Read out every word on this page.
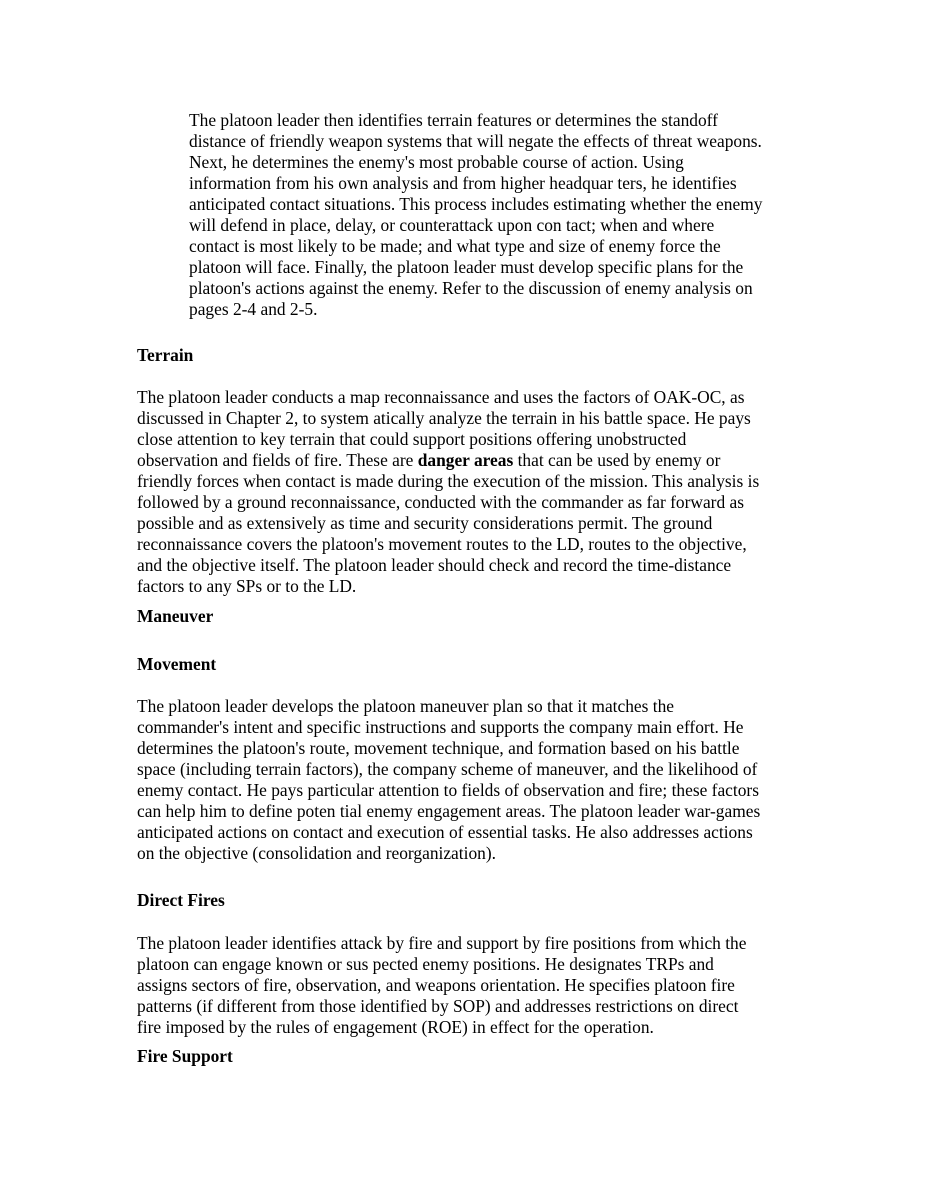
The platoon leader then identifies terrain features or determines the standoff
distance of friendly weapon systems that will negate the effects of threat weapons.
Next, he determines the enemy's most probable course of action. Using
information from his own analysis and from higher headquar ters, he identifies
anticipated contact situations. This process includes estimating whether the enemy
will defend in place, delay, or counterattack upon con tact; when and where
contact is most likely to be made; and what type and size of enemy force the
platoon will face. Finally, the platoon leader must develop specific plans for the
platoon's actions against the enemy. Refer to the discussion of enemy analysis on
pages 2-4 and 2-5.
Terrain
The platoon leader conducts a map reconnaissance and uses the factors of OAK-OC, as
discussed in Chapter 2, to system atically analyze the terrain in his battle space. He pays
close attention to key terrain that could support positions offering unobstructed
observation and fields of fire. These are danger areas that can be used by enemy or
friendly forces when contact is made during the execution of the mission. This analysis is
followed by a ground reconnaissance, conducted with the commander as far forward as
possible and as extensively as time and security considerations permit. The ground
reconnaissance covers the platoon's movement routes to the LD, routes to the objective,
and the objective itself. The platoon leader should check and record the time-distance
factors to any SPs or to the LD.
Maneuver
Movement
The platoon leader develops the platoon maneuver plan so that it matches the
commander's intent and specific instructions and supports the company main effort. He
determines the platoon's route, movement technique, and formation based on his battle
space (including terrain factors), the company scheme of maneuver, and the likelihood of
enemy contact. He pays particular attention to fields of observation and fire; these factors
can help him to define poten tial enemy engagement areas. The platoon leader war-games
anticipated actions on contact and execution of essential tasks. He also addresses actions
on the objective (consolidation and reorganization).
Direct Fires
The platoon leader identifies attack by fire and support by fire positions from which the
platoon can engage known or sus pected enemy positions. He designates TRPs and
assigns sectors of fire, observation, and weapons orientation. He specifies platoon fire
patterns (if different from those identified by SOP) and addresses restrictions on direct
fire imposed by the rules of engagement (ROE) in effect for the operation.
Fire Support
